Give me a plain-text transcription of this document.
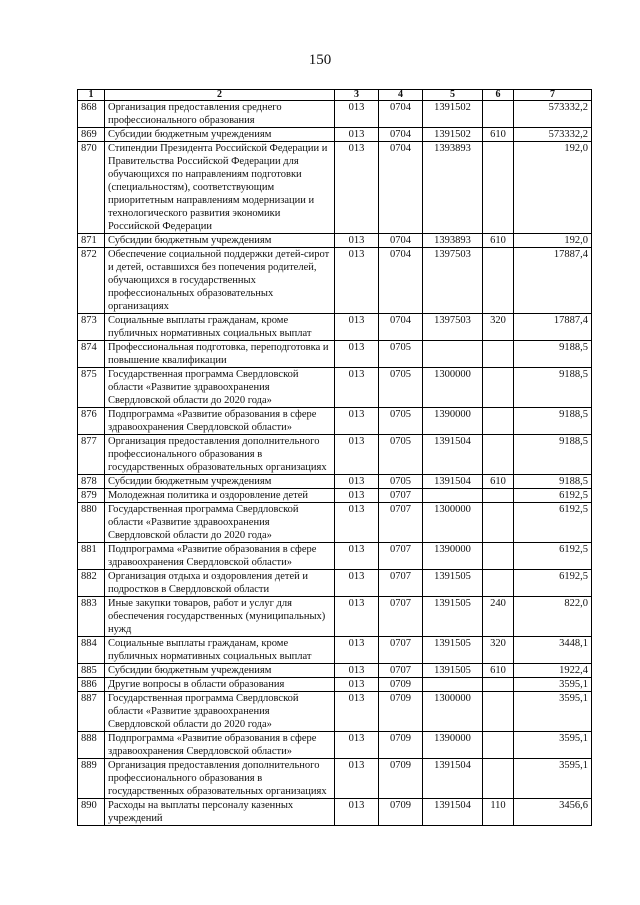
150
1	2	3	4	5	6	7
868	Организация предоставления среднего профессионального образования	013	0704	1391502		573332,2
869	Субсидии бюджетным учреждениям	013	0704	1391502	610	573332,2
870	Стипендии Президента Российской Федерации и Правительства Российской Федерации для обучающихся по направлениям подготовки (специальностям), соответствующим приоритетным направлениям модернизации и технологического развития экономики Российской Федерации	013	0704	1393893		192,0
871	Субсидии бюджетным учреждениям	013	0704	1393893	610	192,0
872	Обеспечение социальной поддержки детей-сирот и детей, оставшихся без попечения родителей, обучающихся в государственных профессиональных образовательных организациях	013	0704	1397503		17887,4
873	Социальные выплаты гражданам, кроме публичных нормативных социальных выплат	013	0704	1397503	320	17887,4
874	Профессиональная подготовка, переподготовка и повышение квалификации	013	0705			9188,5
875	Государственная программа Свердловской области «Развитие здравоохранения Свердловской области до 2020 года»	013	0705	1300000		9188,5
876	Подпрограмма «Развитие образования в сфере здравоохранения Свердловской области»	013	0705	1390000		9188,5
877	Организация предоставления дополнительного профессионального образования в государственных образовательных организациях	013	0705	1391504		9188,5
878	Субсидии бюджетным учреждениям	013	0705	1391504	610	9188,5
879	Молодежная политика и оздоровление детей	013	0707			6192,5
880	Государственная программа Свердловской области «Развитие здравоохранения Свердловской области до 2020 года»	013	0707	1300000		6192,5
881	Подпрограмма «Развитие образования в сфере здравоохранения Свердловской области»	013	0707	1390000		6192,5
882	Организация отдыха и оздоровления детей и подростков в Свердловской области	013	0707	1391505		6192,5
883	Иные закупки товаров, работ и услуг для обеспечения государственных (муниципальных) нужд	013	0707	1391505	240	822,0
884	Социальные выплаты гражданам, кроме публичных нормативных социальных выплат	013	0707	1391505	320	3448,1
885	Субсидии бюджетным учреждениям	013	0707	1391505	610	1922,4
886	Другие вопросы в области образования	013	0709			3595,1
887	Государственная программа Свердловской области «Развитие здравоохранения Свердловской области до 2020 года»	013	0709	1300000		3595,1
888	Подпрограмма «Развитие образования в сфере здравоохранения Свердловской области»	013	0709	1390000		3595,1
889	Организация предоставления дополнительного профессионального образования в государственных образовательных организациях	013	0709	1391504		3595,1
890	Расходы на выплаты персоналу казенных учреждений	013	0709	1391504	110	3456,6
